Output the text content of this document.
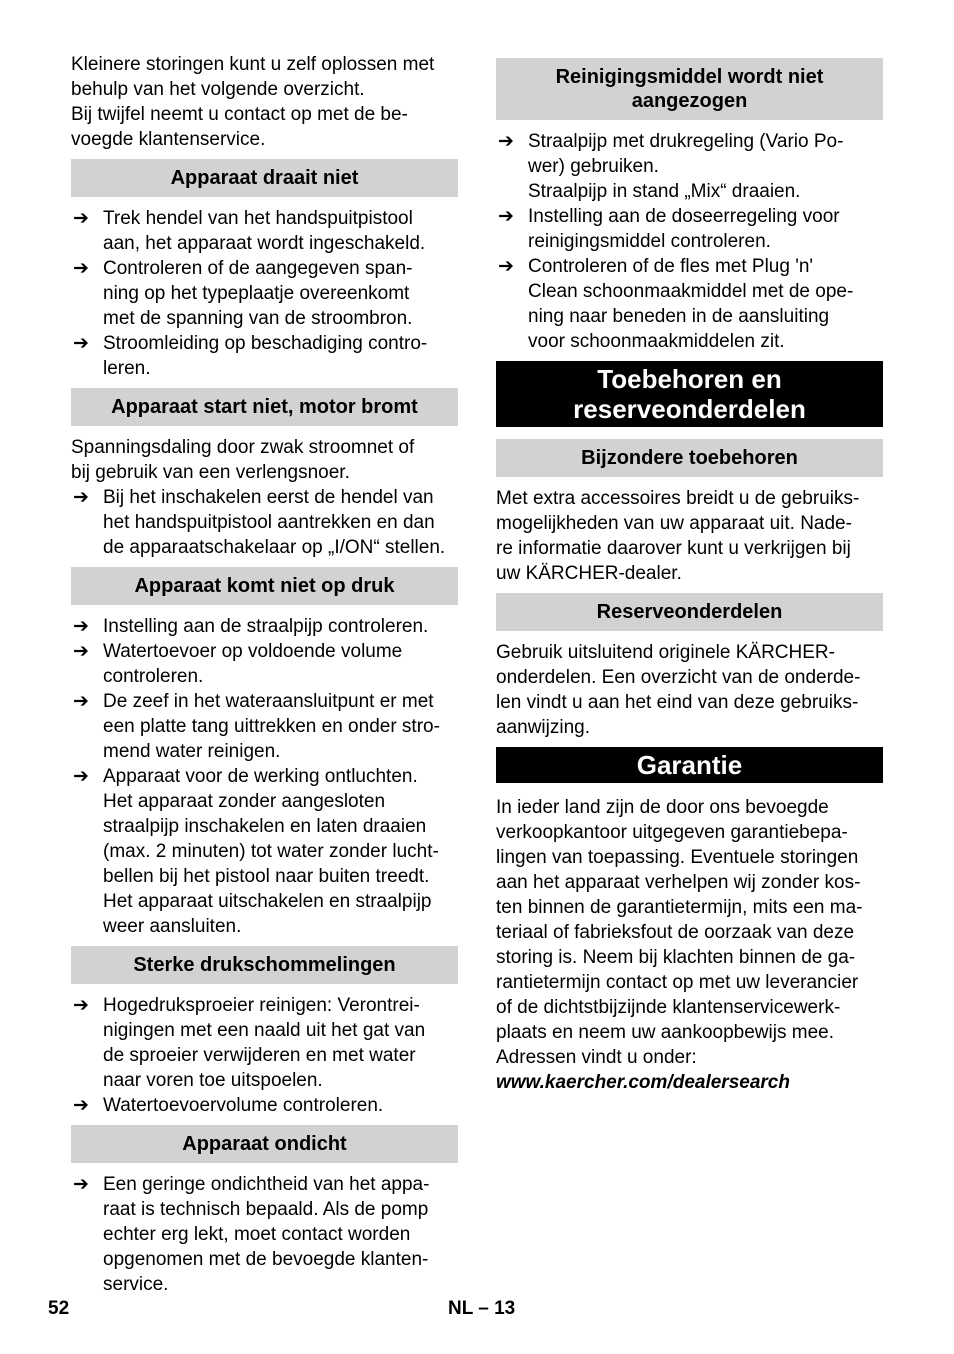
Kleinere storingen kunt u zelf oplossen met
behulp van het volgende overzicht.
Bij twijfel neemt u contact op met de be-
voegde klantenservice.

Apparaat draait niet
➔ Trek hendel van het handspuitpistool
aan, het apparaat wordt ingeschakeld.
➔ Controleren of de aangegeven span-
ning op het typeplaatje overeenkomt
met de spanning van de stroombron.
➔ Stroomleiding op beschadiging contro-
leren.
Apparaat start niet, motor bromt

Spanningsdaling door zwak stroomnet of
bij gebruik van een verlengsnoer.

➔ Bij het inschakelen eerst de hendel van
het handspuitpistool aantrekken en dan
de apparaatschakelaar op „I/ON“ stellen.
Apparaat komt niet op druk
➔ Instelling aan de straalpijp controleren.
➔ Watertoevoer op voldoende volume
controleren.
➔ De zeef in het wateraansluitpunt er met
een platte tang uittrekken en onder stro-
mend water reinigen.
➔ Apparaat voor de werking ontluchten.
Het apparaat zonder aangesloten
straalpijp inschakelen en laten draaien
(max. 2 minuten) tot water zonder lucht-
bellen bij het pistool naar buiten treedt.
Het apparaat uitschakelen en straalpijp
weer aansluiten.
Sterke drukschommelingen
➔ Hogedruksproeier reinigen: Verontrei-
nigingen met een naald uit het gat van
de sproeier verwijderen en met water
naar voren toe uitspoelen.
➔ Watertoevoervolume controleren.
Apparaat ondicht
➔ Een geringe ondichtheid van het appa-
raat is technisch bepaald. Als de pomp
echter erg lekt, moet contact worden
opgenomen met de bevoegde klanten-
service.
Reinigingsmiddel wordt niet
aangezogen
➔ Straalpijp met drukregeling (Vario Po-
wer) gebruiken.
Straalpijp in stand „Mix“ draaien.
➔ Instelling aan de doseerregeling voor
reinigingsmiddel controleren.
➔ Controleren of de fles met Plug 'n'
Clean schoonmaakmiddel met de ope-
ning naar beneden in de aansluiting
voor schoonmaakmiddelen zit.
Toebehoren en
reserveonderdelen
Bijzondere toebehoren

Met extra accessoires breidt u de gebruiks-
mogelijkheden van uw apparaat uit. Nade-
re informatie daarover kunt u verkrijgen bij
uw KÄRCHER-dealer.

Reserveonderdelen

Gebruik uitsluitend originele KÄRCHER-
onderdelen. Een overzicht van de onderde-
len vindt u aan het eind van deze gebruiks-
aanwijzing.

Garantie

In ieder land zijn de door ons bevoegde
verkoopkantoor uitgegeven garantiebepa-
lingen van toepassing. Eventuele storingen
aan het apparaat verhelpen wij zonder kos-
ten binnen de garantietermijn, mits een ma-
teriaal of fabrieksfout de oorzaak van deze
storing is. Neem bij klachten binnen de ga-
rantietermijn contact op met uw leverancier
of de dichtstbijzijnde klantenservicewerk-
plaats en neem uw aankoopbewijs mee.
Adressen vindt u onder:

www.kaercher.com/dealersearch

52	NL – 13
